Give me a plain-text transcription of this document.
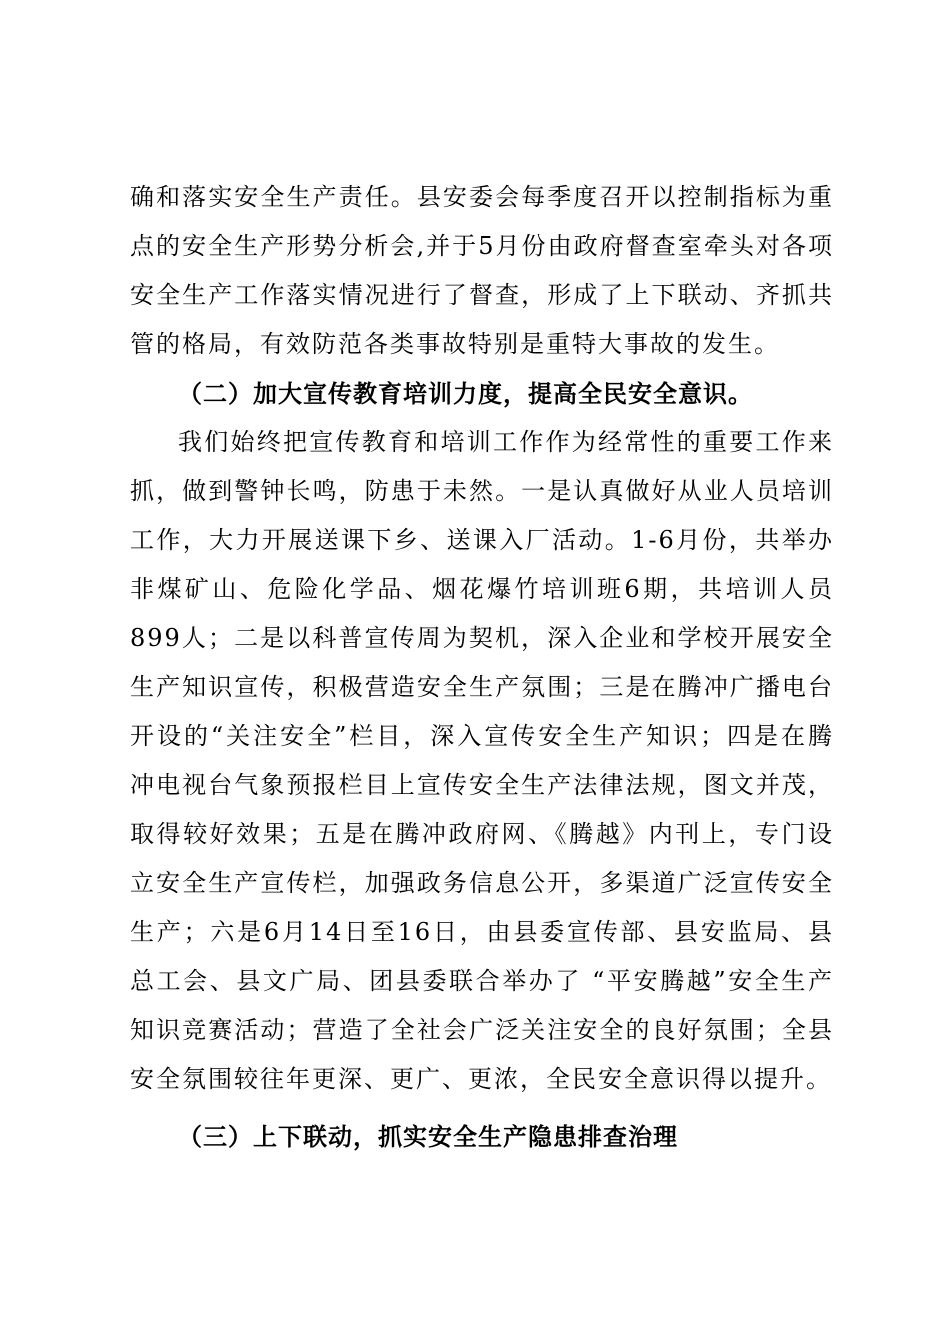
确和落实安全生产责任。县安委会每季度召开以控制指标为重点的安全生产形势分析会,并于5月份由政府督查室牵头对各项安全生产工作落实情况进行了督查，形成了上下联动、齐抓共管的格局，有效防范各类事故特别是重特大事故的发生。

（二）加大宣传教育培训力度，提高全民安全意识。

我们始终把宣传教育和培训工作作为经常性的重要工作来抓，做到警钟长鸣，防患于未然。一是认真做好从业人员培训工作，大力开展送课下乡、送课入厂活动。1-6月份，共举办非煤矿山、危险化学品、烟花爆竹培训班6期，共培训人员899人；二是以科普宣传周为契机，深入企业和学校开展安全生产知识宣传，积极营造安全生产氛围；三是在腾冲广播电台开设的“关注安全”栏目，深入宣传安全生产知识；四是在腾冲电视台气象预报栏目上宣传安全生产法律法规，图文并茂，取得较好效果；五是在腾冲政府网、《腾越》内刊上，专门设立安全生产宣传栏，加强政务信息公开，多渠道广泛宣传安全生产；六是6月14日至16日，由县委宣传部、县安监局、县总工会、县文广局、团县委联合举办了 “平安腾越”安全生产知识竞赛活动；营造了全社会广泛关注安全的良好氛围；全县安全氛围较往年更深、更广、更浓，全民安全意识得以提升。

（三）上下联动，抓实安全生产隐患排查治理
